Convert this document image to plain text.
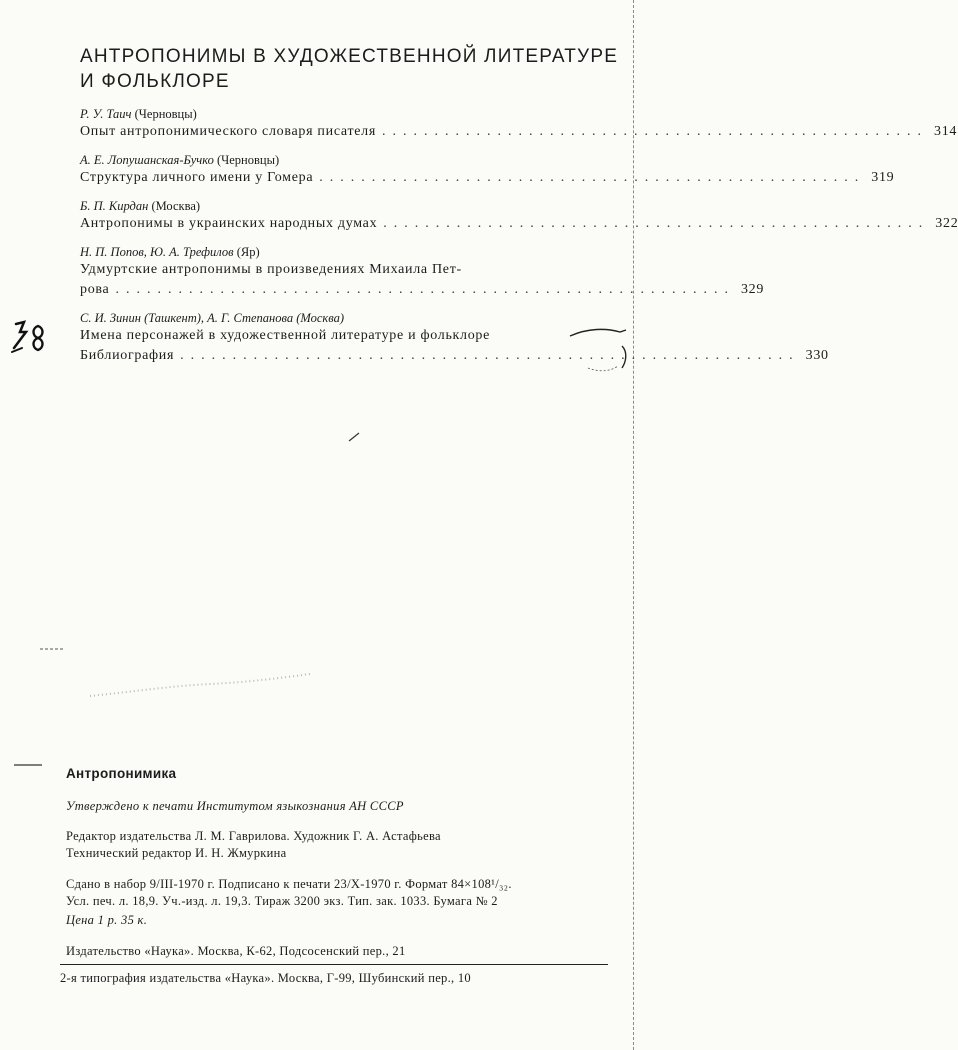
АНТРОПОНИМЫ В ХУДОЖЕСТВЕННОЙ ЛИТЕРАТУРЕ
И ФОЛЬКЛОРЕ
Р. У. Таич (Черновцы)
Опыт антропонимического словаря писателя .................................................... 314
А. Е. Лопушанская-Бучко (Черновцы)
Структура личного имени у Гомера .................................................... 319
Б. П. Кирдан (Москва)
Антропонимы в украинских народных думах .................................................... 322
Н. П. Попов, Ю. А. Трефилов (Яр)
Удмуртские антропонимы в произведениях Михаила Пет-
рова ........................................................... 329
С. И. Зинин (Ташкент), А. Г. Степанова (Москва)
Имена персонажей в художественной литературе и фольклоре
Библиография ........................................................... 330
Антропонимика
Утверждено к печати Институтом языкознания АН СССР
Редактор издательства Л. М. Гаврилова. Художник Г. А. Астафьева
Технический редактор И. Н. Жмуркина
Сдано в набор 9/III-1970 г. Подписано к печати 23/X-1970 г. Формат 84×108¹/₃₂.
Усл. печ. л. 18,9. Уч.-изд. л. 19,3. Тираж 3200 экз. Тип. зак. 1033. Бумага № 2
Цена 1 р. 35 к.
Издательство «Наука». Москва, К-62, Подсосенский пер., 21
2-я типография издательства «Наука». Москва, Г-99, Шубинский пер., 10
